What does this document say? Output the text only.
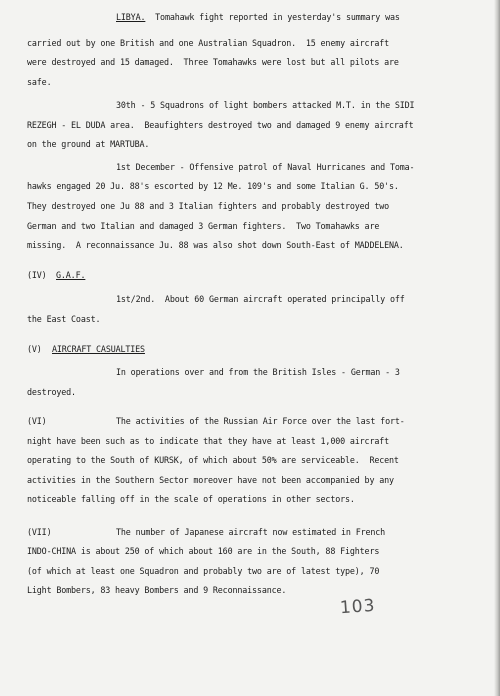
LIBYA. Tomahawk fight reported in yesterday's summary was
carried out by one British and one Australian Squadron.  15 enemy aircraft
were destroyed and 15 damaged.  Three Tomahawks were lost but all pilots are
safe.
30th - 5 Squadrons of light bombers attacked M.T. in the SIDI
REZEGH - EL DUDA area.  Beaufighters destroyed two and damaged 9 enemy aircraft
on the ground at MARTUBA.
1st December - Offensive patrol of Naval Hurricanes and Toma-
hawks engaged 20 Ju. 88's escorted by 12 Me. 109's and some Italian G. 50's.
They destroyed one Ju 88 and 3 Italian fighters and probably destroyed two
German and two Italian and damaged 3 German fighters.  Two Tomahawks are
missing.  A reconnaissance Ju. 88 was also shot down South-East of MADDELENA.
(IV) G.A.F.
1st/2nd.  About 60 German aircraft operated principally off
the East Coast.
(V) AIRCRAFT CASUALTIES
In operations over and from the British Isles - German - 3
destroyed.
(VI)	The activities of the Russian Air Force over the last fort-
night have been such as to indicate that they have at least 1,000 aircraft
operating to the South of KURSK, of which about 50% are serviceable.  Recent
activities in the Southern Sector moreover have not been accompanied by any
noticeable falling off in the scale of operations in other sectors.
(VII)	The number of Japanese aircraft now estimated in French
INDO-CHINA is about 250 of which about 160 are in the South, 88 Fighters
(of which at least one Squadron and probably two are of latest type), 70
Light Bombers, 83 heavy Bombers and 9 Reconnaissance.
103
